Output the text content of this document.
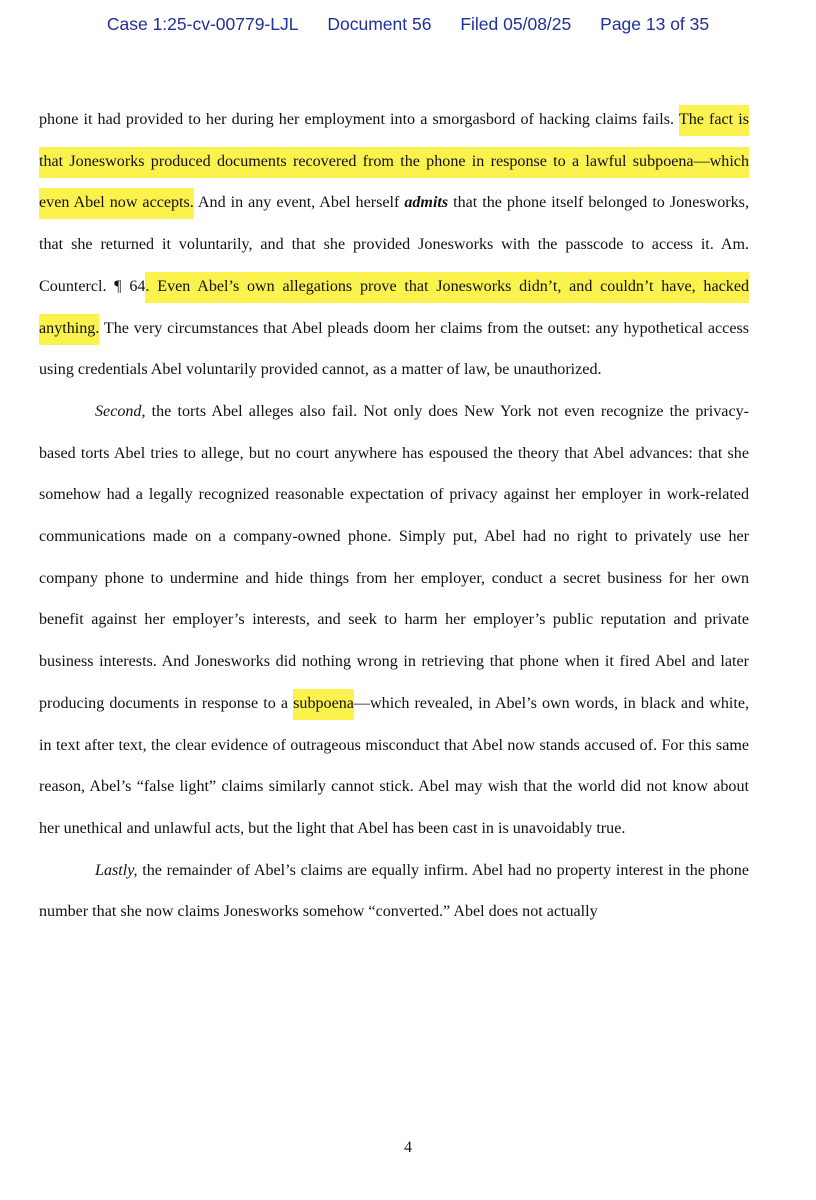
Case 1:25-cv-00779-LJL Document 56 Filed 05/08/25 Page 13 of 35

phone it had provided to her during her employment into a smorgasbord of hacking claims fails. The fact is that Jonesworks produced documents recovered from the phone in response to a lawful subpoena—which even Abel now accepts. And in any event, Abel herself admits that the phone itself belonged to Jonesworks, that she returned it voluntarily, and that she provided Jonesworks with the passcode to access it. Am. Countercl. ¶ 64. Even Abel’s own allegations prove that Jonesworks didn’t, and couldn’t have, hacked anything. The very circumstances that Abel pleads doom her claims from the outset: any hypothetical access using credentials Abel voluntarily provided cannot, as a matter of law, be unauthorized.

Second, the torts Abel alleges also fail. Not only does New York not even recognize the privacy-based torts Abel tries to allege, but no court anywhere has espoused the theory that Abel advances: that she somehow had a legally recognized reasonable expectation of privacy against her employer in work-related communications made on a company-owned phone. Simply put, Abel had no right to privately use her company phone to undermine and hide things from her employer, conduct a secret business for her own benefit against her employer’s interests, and seek to harm her employer’s public reputation and private business interests. And Jonesworks did nothing wrong in retrieving that phone when it fired Abel and later producing documents in response to a subpoena—which revealed, in Abel’s own words, in black and white, in text after text, the clear evidence of outrageous misconduct that Abel now stands accused of. For this same reason, Abel’s “false light” claims similarly cannot stick. Abel may wish that the world did not know about her unethical and unlawful acts, but the light that Abel has been cast in is unavoidably true.

Lastly, the remainder of Abel’s claims are equally infirm. Abel had no property interest in the phone number that she now claims Jonesworks somehow “converted.” Abel does not actually

4
